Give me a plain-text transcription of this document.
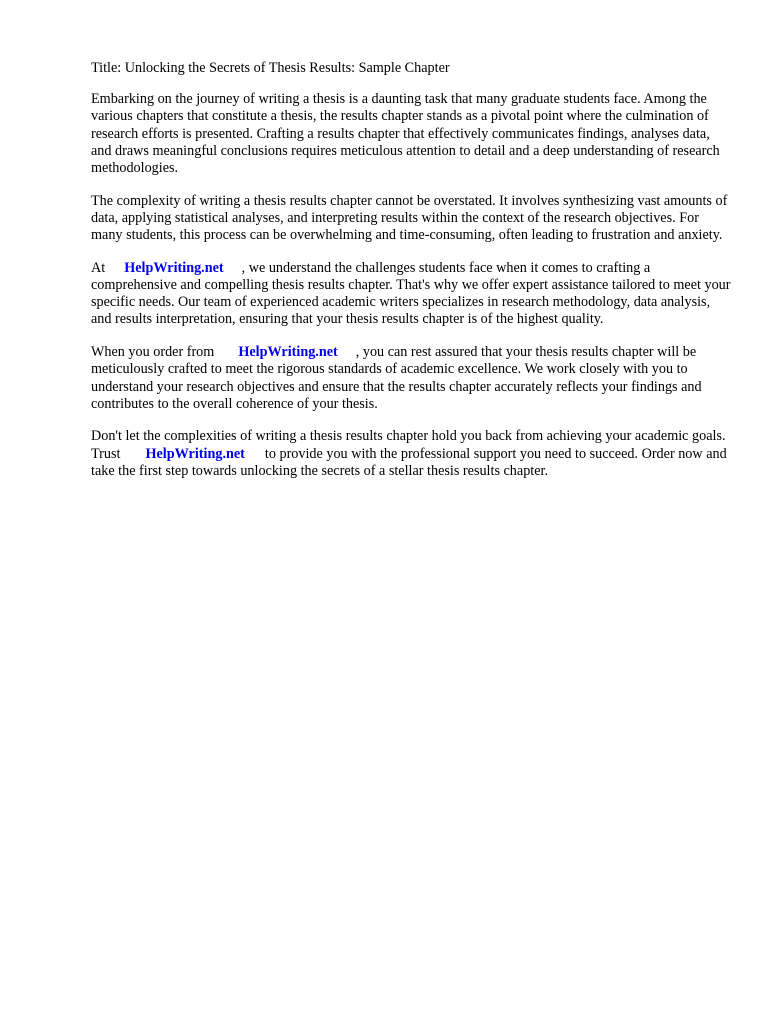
Title: Unlocking the Secrets of Thesis Results: Sample Chapter

Embarking on the journey of writing a thesis is a daunting task that many graduate students face. Among the various chapters that constitute a thesis, the results chapter stands as a pivotal point where the culmination of research efforts is presented. Crafting a results chapter that effectively communicates findings, analyses data, and draws meaningful conclusions requires meticulous attention to detail and a deep understanding of research methodologies.

The complexity of writing a thesis results chapter cannot be overstated. It involves synthesizing vast amounts of data, applying statistical analyses, and interpreting results within the context of the research objectives. For many students, this process can be overwhelming and time-consuming, often leading to frustration and anxiety.

At HelpWriting.net , we understand the challenges students face when it comes to crafting a comprehensive and compelling thesis results chapter. That's why we offer expert assistance tailored to meet your specific needs. Our team of experienced academic writers specializes in research methodology, data analysis, and results interpretation, ensuring that your thesis results chapter is of the highest quality.

When you order from HelpWriting.net , you can rest assured that your thesis results chapter will be meticulously crafted to meet the rigorous standards of academic excellence. We work closely with you to understand your research objectives and ensure that the results chapter accurately reflects your findings and contributes to the overall coherence of your thesis.

Don't let the complexities of writing a thesis results chapter hold you back from achieving your academic goals. Trust HelpWriting.net to provide you with the professional support you need to succeed. Order now and take the first step towards unlocking the secrets of a stellar thesis results chapter.
